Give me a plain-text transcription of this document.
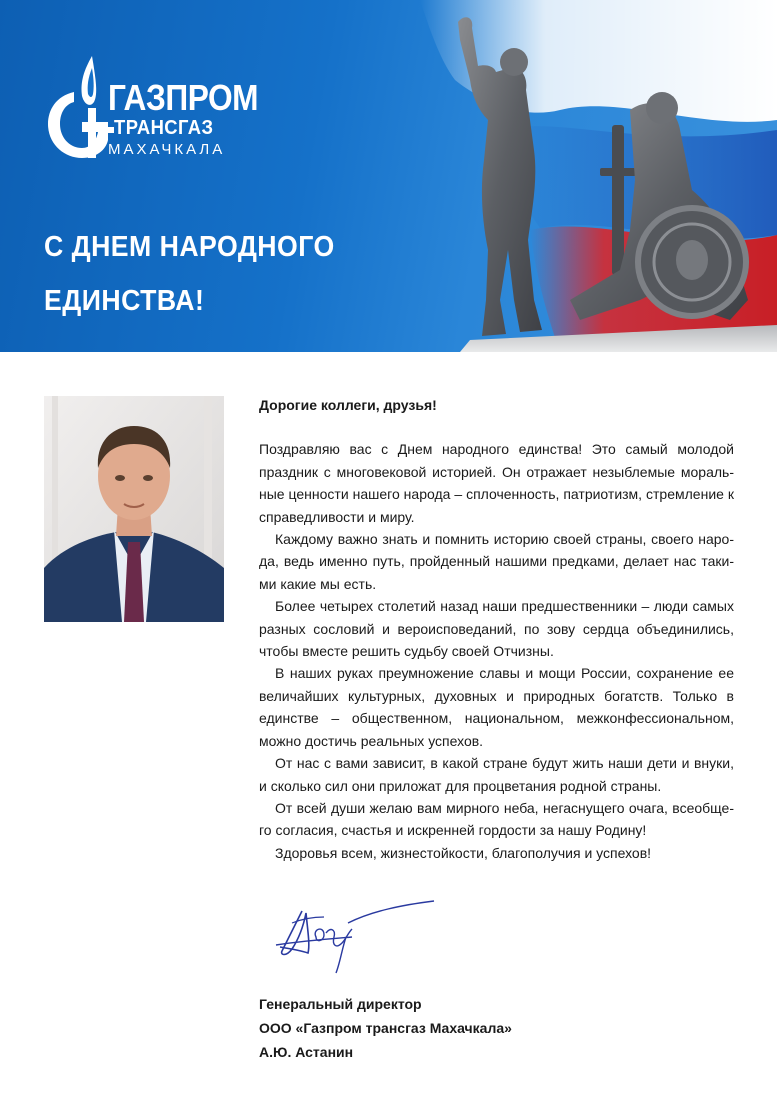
ГАЗПРОМ
ТРАНСГАЗ
МАХАЧКАЛА
С ДНЕМ НАРОДНОГО
ЕДИНСТВА!
Дорогие коллеги, друзья!

Поздравляю вас с Днем народного единства! Это самый молодой праздник с многовековой историей. Он отражает незыблемые моральные ценности нашего народа – сплоченность, патриотизм, стремление к справедливости и миру.

Каждому важно знать и помнить историю своей страны, своего народа, ведь именно путь, пройденный нашими предками, делает нас такими какие мы есть.

Более четырех столетий назад наши предшественники – люди самых разных сословий и вероисповеданий, по зову сердца объединились, чтобы вместе решить судьбу своей Отчизны.

В наших руках преумножение славы и мощи России, сохранение ее величайших культурных, духовных и природных богатств. Только в единстве – общественном, национальном, межконфессиональном, можно достичь реальных успехов.

От нас с вами зависит, в какой стране будут жить наши дети и внуки, и сколько сил они приложат для процветания родной страны.

От всей души желаю вам мирного неба, негаснущего очага, всеобщего согласия, счастья и искренней гордости за нашу Родину!

Здоровья всем, жизнестойкости, благополучия и успехов!

Генеральный директор
ООО «Газпром трансгаз Махачкала»
А.Ю. Астанин
